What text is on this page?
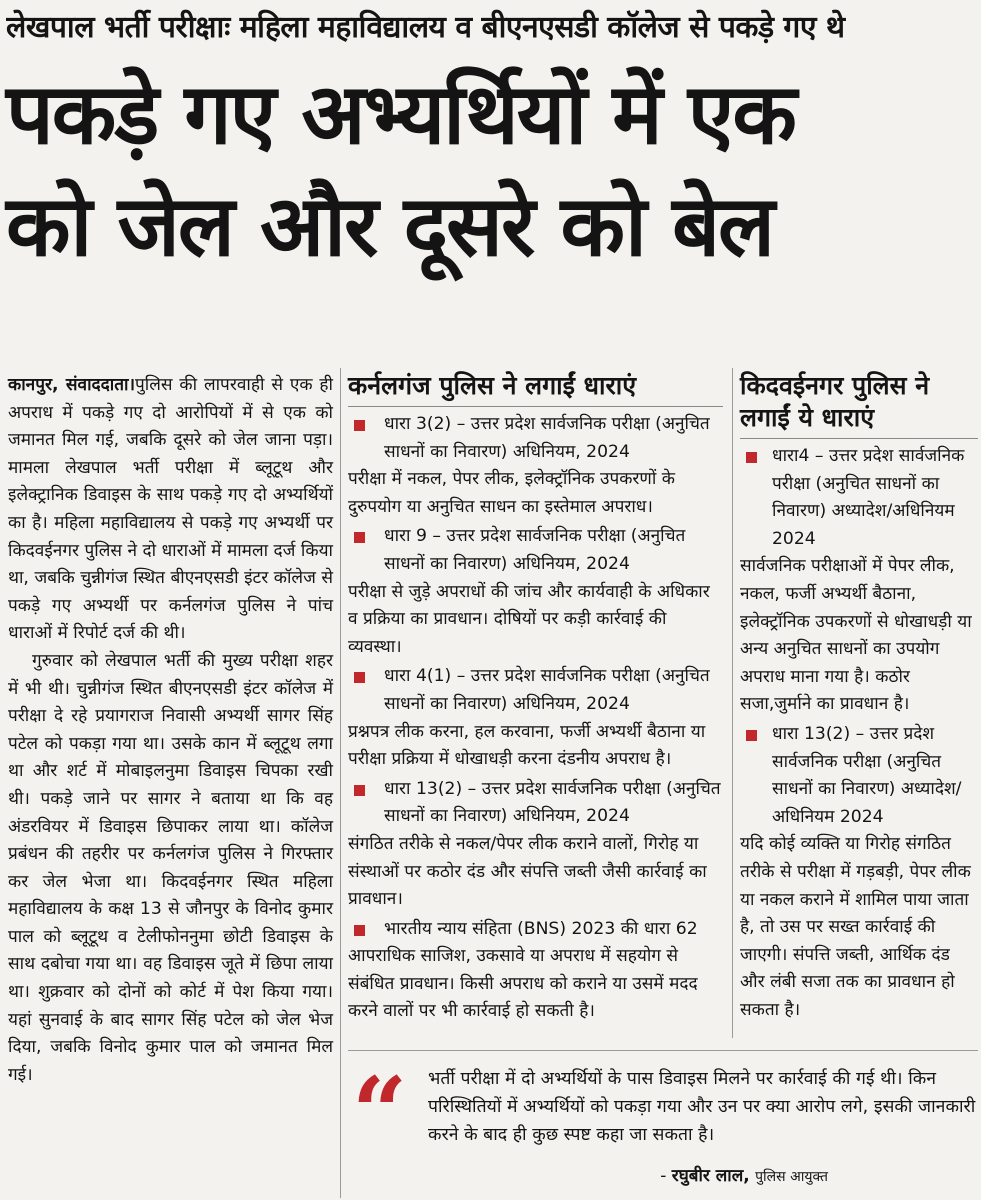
लेखपाल भर्ती परीक्षाः महिला महाविद्यालय व बीएनएसडी कॉलेज से पकड़े गए थे
पकड़े गए अभ्यर्थियों में एक
को जेल और दूसरे को बेल

कानपुर, संवाददाता।पुलिस की लापरवाही से एक ही अपराध में पकड़े गए दो आरोपियों में से एक को जमानत मिल गई, जबकि दूसरे को जेल जाना पड़ा। मामला लेखपाल भर्ती परीक्षा में ब्लूटूथ और इलेक्ट्रानिक डिवाइस के साथ पकड़े गए दो अभ्यर्थियों का है। महिला महाविद्यालय से पकड़े गए अभ्यर्थी पर किदवईनगर पुलिस ने दो धाराओं में मामला दर्ज किया था, जबकि चुन्नीगंज स्थित बीएनएसडी इंटर कॉलेज से पकड़े गए अभ्यर्थी पर कर्नलगंज पुलिस ने पांच धाराओं में रिपोर्ट दर्ज की थी।

गुरुवार को लेखपाल भर्ती की मुख्य परीक्षा शहर में भी थी। चुन्नीगंज स्थित बीएनएसडी इंटर कॉलेज में परीक्षा दे रहे प्रयागराज निवासी अभ्यर्थी सागर सिंह पटेल को पकड़ा गया था। उसके कान में ब्लूटूथ लगा था और शर्ट में मोबाइलनुमा डिवाइस चिपका रखी थी। पकड़े जाने पर सागर ने बताया था कि वह अंडरवियर में डिवाइस छिपाकर लाया था। कॉलेज प्रबंधन की तहरीर पर कर्नलगंज पुलिस ने गिरफ्तार कर जेल भेजा था। किदवईनगर स्थित महिला महाविद्यालय के कक्ष 13 से जौनपुर के विनोद कुमार पाल को ब्लूटूथ व टेलीफोननुमा छोटी डिवाइस के साथ दबोचा गया था। वह डिवाइस जूते में छिपा लाया था। शुक्रवार को दोनों को कोर्ट में पेश किया गया। यहां सुनवाई के बाद सागर सिंह पटेल को जेल भेज दिया, जबकि विनोद कुमार पाल को जमानत मिल गई।

कर्नलगंज पुलिस ने लगाईं धाराएं
धारा 3(2) – उत्तर प्रदेश सार्वजनिक परीक्षा (अनुचित साधनों का निवारण) अधिनियम, 2024
परीक्षा में नकल, पेपर लीक, इलेक्ट्रॉनिक उपकरणों के दुरुपयोग या अनुचित साधन का इस्तेमाल अपराध।
धारा 9 – उत्तर प्रदेश सार्वजनिक परीक्षा (अनुचित साधनों का निवारण) अधिनियम, 2024
परीक्षा से जुड़े अपराधों की जांच और कार्यवाही के अधिकार व प्रक्रिया का प्रावधान। दोषियों पर कड़ी कार्रवाई की व्यवस्था।
धारा 4(1) – उत्तर प्रदेश सार्वजनिक परीक्षा (अनुचित साधनों का निवारण) अधिनियम, 2024
प्रश्नपत्र लीक करना, हल करवाना, फर्जी अभ्यर्थी बैठाना या परीक्षा प्रक्रिया में धोखाधड़ी करना दंडनीय अपराध है।
धारा 13(2) – उत्तर प्रदेश सार्वजनिक परीक्षा (अनुचित साधनों का निवारण) अधिनियम, 2024
संगठित तरीके से नकल/पेपर लीक कराने वालों, गिरोह या संस्थाओं पर कठोर दंड और संपत्ति जब्ती जैसी कार्रवाई का प्रावधान।
भारतीय न्याय संहिता (BNS) 2023 की धारा 62
आपराधिक साजिश, उकसावे या अपराध में सहयोग से संबंधित प्रावधान। किसी अपराध को कराने या उसमें मदद करने वालों पर भी कार्रवाई हो सकती है।
किदवईनगर पुलिस ने लगाईं ये धाराएं
धारा4 – उत्तर प्रदेश सार्वजनिक परीक्षा (अनुचित साधनों का निवारण) अध्यादेश/अधिनियम 2024
सार्वजनिक परीक्षाओं में पेपर लीक, नकल, फर्जी अभ्यर्थी बैठाना, इलेक्ट्रॉनिक उपकरणों से धोखाधड़ी या अन्य अनुचित साधनों का उपयोग अपराध माना गया है। कठोर सजा,जुर्माने का प्रावधान है।
धारा 13(2) – उत्तर प्रदेश सार्वजनिक परीक्षा (अनुचित साधनों का निवारण) अध्यादेश/अधिनियम 2024
यदि कोई व्यक्ति या गिरोह संगठित तरीके से परीक्षा में गड़बड़ी, पेपर लीक या नकल कराने में शामिल पाया जाता है, तो उस पर सख्त कार्रवाई की जाएगी। संपत्ति जब्ती, आर्थिक दंड और लंबी सजा तक का प्रावधान हो सकता है।
“ भर्ती परीक्षा में दो अभ्यर्थियों के पास डिवाइस मिलने पर कार्रवाई की गई थी। किन परिस्थितियों में अभ्यर्थियों को पकड़ा गया और उन पर क्या आरोप लगे, इसकी जानकारी करने के बाद ही कुछ स्पष्ट कहा जा सकता है।
- रघुबीर लाल, पुलिस आयुक्त
